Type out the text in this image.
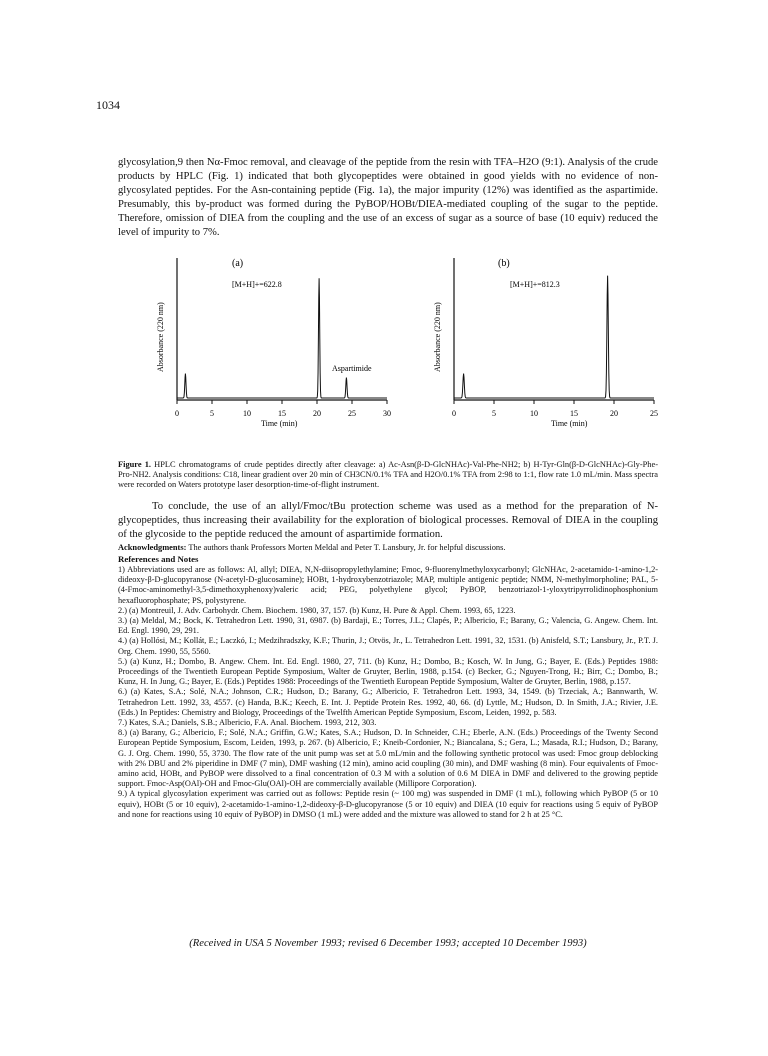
1034
glycosylation,9 then Nα-Fmoc removal, and cleavage of the peptide from the resin with TFA–H2O (9:1). Analysis of the crude products by HPLC (Fig. 1) indicated that both glycopeptides were obtained in good yields with no evidence of non-glycosylated peptides. For the Asn-containing peptide (Fig. 1a), the major impurity (12%) was identified as the aspartimide. Presumably, this by-product was formed during the PyBOP/HOBt/DIEA-mediated coupling of the sugar to the peptide. Therefore, omission of DIEA from the coupling and the use of an excess of sugar as a source of base (10 equiv) reduced the level of impurity to 7%.
(a)
[M+H]+=622.8
Aspartimide
Absorbance (220 nm)
Time (min)
0	5	10	15	20	25	30
(b)
[M+H]+=812.3
Absorbance (220 nm)
Time (min)
0	5	10	15	20	25
Figure 1. HPLC chromatograms of crude peptides directly after cleavage: a) Ac-Asn(β-D-GlcNHAc)-Val-Phe-NH2; b) H-Tyr-Gln(β-D-GlcNHAc)-Gly-Phe-Pro-NH2. Analysis conditions: C18, linear gradient over 20 min of CH3CN/0.1% TFA and H2O/0.1% TFA from 2:98 to 1:1, flow rate 1.0 mL/min. Mass spectra were recorded on Waters prototype laser desorption-time-of-flight instrument.
To conclude, the use of an allyl/Fmoc/tBu protection scheme was used as a method for the preparation of N-glycopeptides, thus increasing their availability for the exploration of biological processes. Removal of DIEA in the coupling of the glycoside to the peptide reduced the amount of aspartimide formation.
Acknowledgments: The authors thank Professors Morten Meldal and Peter T. Lansbury, Jr. for helpful discussions.
References and Notes

1) Abbreviations used are as follows: Al, allyl; DIEA, N,N-diisopropylethylamine; Fmoc, 9-fluorenylmethyloxycarbonyl; GlcNHAc, 2-acetamido-1-amino-1,2-dideoxy-β-D-glucopyranose (N-acetyl-D-glucosamine); HOBt, 1-hydroxybenzotriazole; MAP, multiple antigenic peptide; NMM, N-methylmorpholine; PAL, 5-(4-Fmoc-aminomethyl-3,5-dimethoxyphenoxy)valeric acid; PEG, polyethylene glycol; PyBOP, benzotriazol-1-yloxytripyrrolidinophosphonium hexafluorophosphate; PS, polystyrene.

2.) (a) Montreuil, J. Adv. Carbohydr. Chem. Biochem. 1980, 37, 157. (b) Kunz, H. Pure & Appl. Chem. 1993, 65, 1223.

3.) (a) Meldal, M.; Bock, K. Tetrahedron Lett. 1990, 31, 6987. (b) Bardaji, E.; Torres, J.L.; Clapés, P.; Albericio, F.; Barany, G.; Valencia, G. Angew. Chem. Int. Ed. Engl. 1990, 29, 291.

4.) (a) Hollósi, M.; Kollát, E.; Laczkó, I.; Medzihradszky, K.F.; Thurin, J.; Otvös, Jr., L. Tetrahedron Lett. 1991, 32, 1531. (b) Anisfeld, S.T.; Lansbury, Jr., P.T. J. Org. Chem. 1990, 55, 5560.

5.) (a) Kunz, H.; Dombo, B. Angew. Chem. Int. Ed. Engl. 1980, 27, 711. (b) Kunz, H.; Dombo, B.; Kosch, W. In Jung, G.; Bayer, E. (Eds.) Peptides 1988: Proceedings of the Twentieth European Peptide Symposium, Walter de Gruyter, Berlin, 1988, p.154. (c) Becker, G.; Nguyen-Trong, H.; Birr, C.; Dombo, B.; Kunz, H. In Jung, G.; Bayer, E. (Eds.) Peptides 1988: Proceedings of the Twentieth European Peptide Symposium, Walter de Gruyter, Berlin, 1988, p.157.

6.) (a) Kates, S.A.; Solé, N.A.; Johnson, C.R.; Hudson, D.; Barany, G.; Albericio, F. Tetrahedron Lett. 1993, 34, 1549. (b) Trzeciak, A.; Bannwarth, W. Tetrahedron Lett. 1992, 33, 4557. (c) Handa, B.K.; Keech, E. Int. J. Peptide Protein Res. 1992, 40, 66. (d) Lyttle, M.; Hudson, D. In Smith, J.A.; Rivier, J.E. (Eds.) In Peptides: Chemistry and Biology, Proceedings of the Twelfth American Peptide Symposium, Escom, Leiden, 1992, p. 583.

7.) Kates, S.A.; Daniels, S.B.; Albericio, F.A. Anal. Biochem. 1993, 212, 303.

8.) (a) Barany, G.; Albericio, F.; Solé, N.A.; Griffin, G.W.; Kates, S.A.; Hudson, D. In Schneider, C.H.; Eberle, A.N. (Eds.) Proceedings of the Twenty Second European Peptide Symposium, Escom, Leiden, 1993, p. 267. (b) Albericio, F.; Kneib-Cordonier, N.; Biancalana, S.; Gera, L.; Masada, R.I.; Hudson, D.; Barany, G. J. Org. Chem. 1990, 55, 3730. The flow rate of the unit pump was set at 5.0 mL/min and the following synthetic protocol was used: Fmoc group deblocking with 2% DBU and 2% piperidine in DMF (7 min), DMF washing (12 min), amino acid coupling (30 min), and DMF washing (8 min). Four equivalents of Fmoc-amino acid, HOBt, and PyBOP were dissolved to a final concentration of 0.3 M with a solution of 0.6 M DIEA in DMF and delivered to the growing peptide support. Fmoc-Asp(OAl)-OH and Fmoc-Glu(OAl)-OH are commercially available (Millipore Corporation).

9.) A typical glycosylation experiment was carried out as follows: Peptide resin (~ 100 mg) was suspended in DMF (1 mL), following which PyBOP (5 or 10 equiv), HOBt (5 or 10 equiv), 2-acetamido-1-amino-1,2-dideoxy-β-D-glucopyranose (5 or 10 equiv) and DIEA (10 equiv for reactions using 5 equiv of PyBOP and none for reactions using 10 equiv of PyBOP) in DMSO (1 mL) were added and the mixture was allowed to stand for 2 h at 25 °C.

(Received in USA 5 November 1993; revised 6 December 1993; accepted 10 December 1993)
